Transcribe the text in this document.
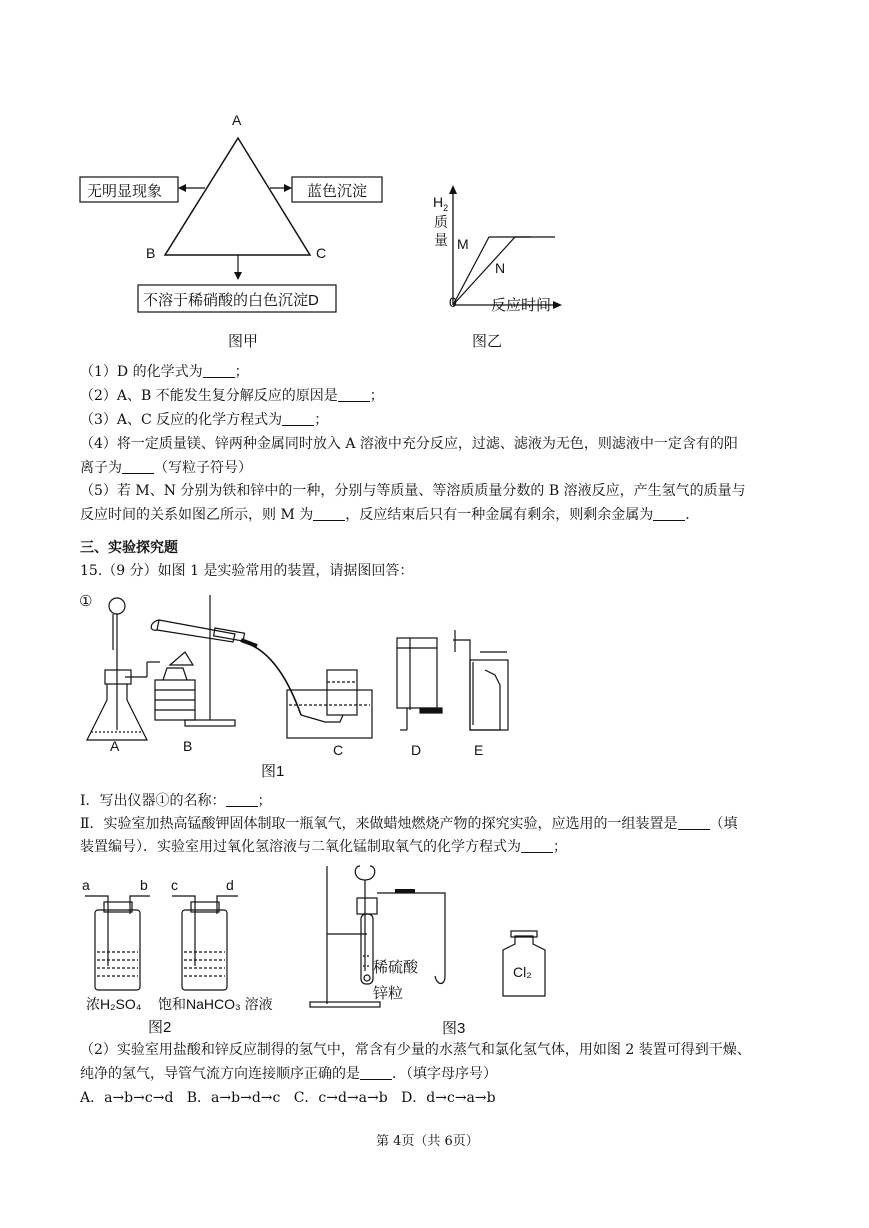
A
B	C
无明显现象	蓝色沉淀
不溶于稀硝酸的白色沉淀D
图甲
$H_2$
质量 M
N
0 反应时间
图乙
（1）D 的化学式为 ；
（2）A、B 不能发生复分解反应的原因是 ；
（3）A、C 反应的化学方程式为 ；
（4）将一定质量镁、锌两种金属同时放入 A 溶液中充分反应，过滤、滤液为无色，则滤液中一定含有的阳
离子为 （写粒子符号）
（5）若 M、N 分别为铁和锌中的一种，分别与等质量、等溶质质量分数的 B 溶液反应，产生氢气的质量与
反应时间的关系如图乙所示，则 M 为 ，反应结束后只有一种金属有剩余，则剩余金属为 .
三、实验探究题
15.（9 分）如图 1 是实验常用的装置，请据图回答：
①
A	B	C	D	E
图1
Ⅰ．写出仪器①的名称： ；
Ⅱ．实验室加热高锰酸钾固体制取一瓶氧气，来做蜡烛燃烧产物的探究实验，应选用的一组装置是 （填
装置编号）．实验室用过氧化氢溶液与二氧化锰制取氧气的化学方程式为 ；
a	b c	d
浓H₂SO₄ 饱和NaHCO₃ 溶液
图2
稀硫酸
锌粒
Cl₂
图3
（2）实验室用盐酸和锌反应制得的氢气中，常含有少量的水蒸气和氯化氢气体，用如图 2 装置可得到干燥、
纯净的氢气，导管气流方向连接顺序正确的是 ．（填字母序号）
A．a→b→c→d   B．a→b→d→c   C．c→d→a→b   D．d→c→a→b
第 4页（共 6页）
